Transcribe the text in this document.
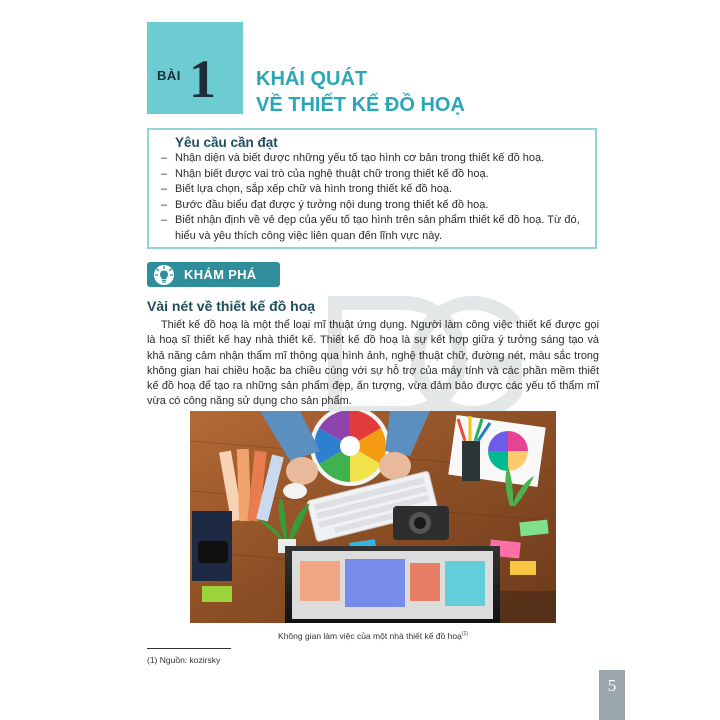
BÀI 1 KHÁI QUÁT
VỀ THIẾT KẾ ĐỒ HOẠ
Yêu cầu cần đạt
– Nhận diện và biết được những yếu tố tạo hình cơ bản trong thiết kế đồ hoạ.
– Nhận biết được vai trò của nghệ thuật chữ trong thiết kế đồ hoạ.
– Biết lựa chọn, sắp xếp chữ và hình trong thiết kế đồ hoạ.
– Bước đầu biểu đạt được ý tưởng nội dung trong thiết kế đồ hoạ.
– Biết nhận định về vẻ đẹp của yếu tố tạo hình trên sản phẩm thiết kế đồ hoạ. Từ đó, hiểu và yêu thích công việc liên quan đến lĩnh vực này.
KHÁM PHÁ
Vài nét về thiết kế đồ hoạ

Thiết kế đồ hoạ là một thể loại mĩ thuật ứng dụng. Người làm công việc thiết kế được gọi là hoạ sĩ thiết kế hay nhà thiết kế. Thiết kế đồ hoạ là sự kết hợp giữa ý tưởng sáng tạo và khả năng cảm nhận thẩm mĩ thông qua hình ảnh, nghệ thuật chữ, đường nét, màu sắc trong không gian hai chiều hoặc ba chiều cùng với sự hỗ trợ của máy tính và các phần mềm thiết kế đồ hoạ để tạo ra những sản phẩm đẹp, ấn tượng, vừa đảm bảo được các yếu tố thẩm mĩ vừa có công năng sử dụng cho sản phẩm.

Không gian làm việc của một nhà thiết kế đồ hoạ$^{(1)}$
(1) Nguồn: kozirsky
5
